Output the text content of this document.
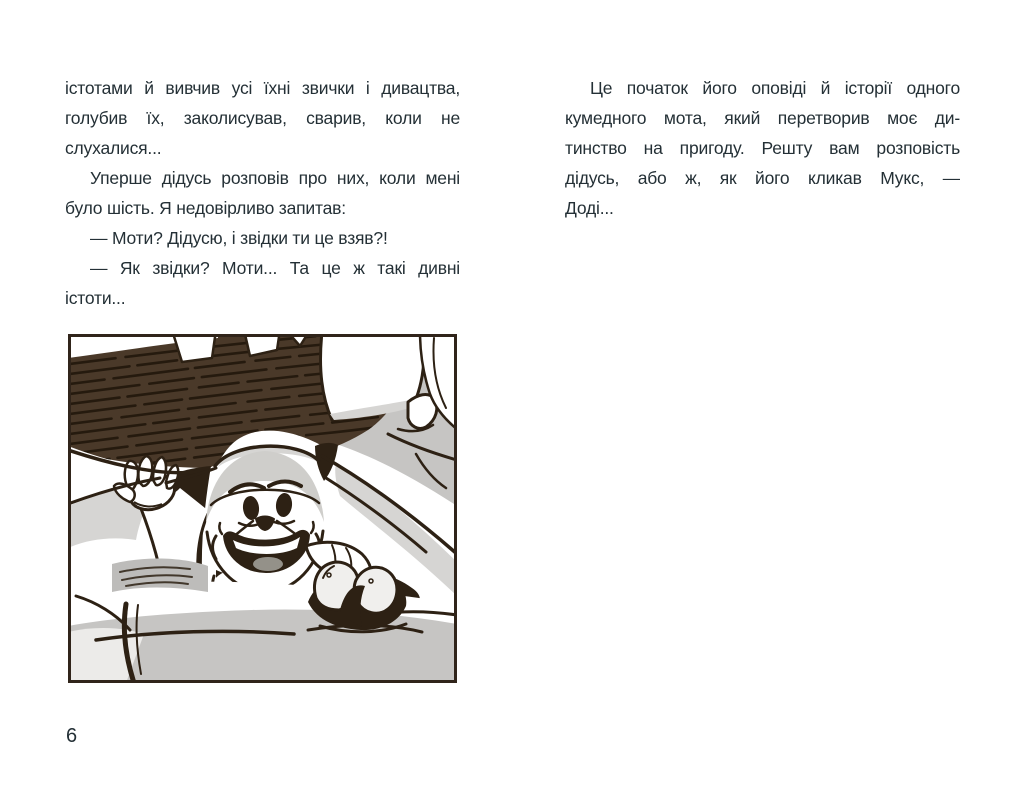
істотами й вивчив усі їхні звички і дивацтва,
голубив їх, заколисував, сварив, коли не
слухалися...
Уперше дідусь розповів про них, коли мені
було шість. Я недовірливо запитав:
— Моти? Дідусю, і звідки ти це взяв?!
— Як звідки? Моти... Та це ж такі дивні
істоти...
Це початок його оповіді й історії одного
кумедного мота, який перетворив моє ди-
тинство на пригоду. Решту вам розповість
дідусь, або ж, як його кликав Мукс, —
Доді...
6
